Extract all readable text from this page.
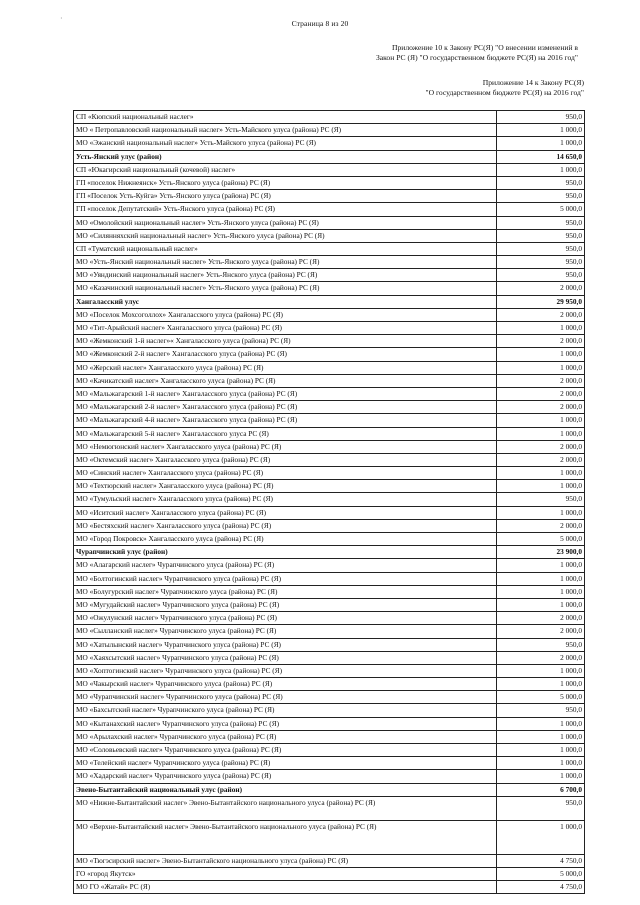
·
Страница 8 из 20
Приложение 10 к Закону РС(Я) "О внесении изменений в
Закон РС (Я) "О государственном бюджете РС(Я) на 2016 год"
Приложение 14 к Закону РС(Я)
"О государственном бюджете РС(Я) на 2016 год"
СП «Кюпский национальный наслег»	950,0
МО « Петропавловский национальный наслег» Усть-Майского улуса (района) РС (Я)	1 000,0
МО «Эжанский национальный наслег» Усть-Майского улуса (района) РС (Я)	1 000,0
Усть-Янский улус (район)	14 650,0
СП «Юкагирский национальный (кочевой) наслег»	1 000,0
ГП «поселок Нижнеянск» Усть-Янского улуса (района) РС (Я)	950,0
ГП «Поселок Усть-Куйга» Усть-Янского улуса (района) РС (Я)	950,0
ГП «поселок Депутатский» Усть-Янского улуса (района) РС (Я)	5 000,0
МО «Омолойский национальный наслег» Усть-Янского улуса (района) РС (Я)	950,0
МО «Силянняхский национальный наслег» Усть-Янского улуса (района) РС (Я)	950,0
СП «Туматский национальный наслег»	950,0
МО «Усть-Янский национальный наслег» Усть-Янского улуса (района) РС (Я)	950,0
МО «Уяндинский национальный наслег» Усть-Янского улуса (района) РС (Я)	950,0
МО «Казачинский национальный наслег» Усть-Янского улуса (района) РС (Я)	2 000,0
Хангаласский улус	29 950,0
МО «Поселок Мохсоголлох» Хангаласского улуса (района) РС (Я)	2 000,0
МО «Тит-Арыйский наслег» Хангаласского улуса (района) РС (Я)	1 000,0
МО «Жемконский 1-й наслег»« Хангаласского улуса (района) РС (Я)	2 000,0
МО «Жемконский 2-й наслег» Хангаласского улуса (района) РС (Я)	1 000,0
МО «Жерский наслег» Хангаласского улуса (района) РС (Я)	1 000,0
МО «Качикатский наслег» Хангаласского улуса (района) РС (Я)	2 000,0
МО «Мальжагарский 1-й наслег» Хангаласского улуса (района) РС (Я)	2 000,0
МО «Мальжагарский 2-й наслег» Хангаласского улуса (района) РС (Я)	2 000,0
МО «Мальжагарский 4-й наслег» Хангаласского улуса (района) РС (Я)	1 000,0
МО «Мальжагарский 5-й наслег» Хангаласского улуса РС (Я)	1 000,0
МО «Немюгюнский наслег» Хангаласского улуса (района) РС (Я)	2 000,0
МО «Октемский наслег» Хангаласского улуса (района) РС (Я)	2 000,0
МО «Синский наслег» Хангаласского улуса (района) РС (Я)	1 000,0
МО «Техтюрский наслег» Хангаласского улуса (района) РС (Я)	1 000,0
МО «Тумульский наслег» Хангаласского улуса (района) РС (Я)	950,0
МО «Иситский наслег» Хангаласского улуса (района) РС (Я)	1 000,0
МО «Бестяхский наслег» Хангаласского улуса (района) РС (Я)	2 000,0
МО «Город Покровск» Хангаласского улуса (района) РС (Я)	5 000,0
Чурапчинский улус (район)	23 900,0
МО «Алагарский наслег» Чурапчинского улуса (района) РС (Я)	1 000,0
МО «Болтогинский наслег» Чурапчинского улуса (района) РС (Я)	1 000,0
МО «Болугурский наслег» Чурапчинского улуса (района) РС (Я)	1 000,0
МО «Мугудайский наслег» Чурапчинского улуса (района) РС (Я)	1 000,0
МО «Ожулунский наслег» Чурапчинского улуса (района) РС (Я)	2 000,0
МО «Сылланский наслег» Чурапчинского улуса (района) РС (Я)	2 000,0
МО «Хатылынский наслег» Чурапчинского улуса (района) РС (Я)	950,0
МО «Хаяхсытский наслег» Чурапчинского улуса (района) РС (Я)	2 000,0
МО «Хоптогинский наслег» Чурапчинского улуса (района) РС (Я)	1 000,0
МО «Чакырский наслег» Чурапчинского улуса (района) РС (Я)	1 000,0
МО «Чурапчинский наслег» Чурапчинского улуса (района) РС (Я)	5 000,0
МО «Бахсытский наслег» Чурапчинского улуса (района) РС (Я)	950,0
МО «Кытанахский наслег» Чурапчинского улуса (района) РС (Я)	1 000,0
МО «Арылахский наслег» Чурапчинского улуса (района) РС (Я)	1 000,0
МО «Соловьевский наслег» Чурапчинского улуса (района) РС (Я)	1 000,0
МО «Телейский наслег» Чурапчинского улуса (района) РС (Я)	1 000,0
МО «Хадарский наслег» Чурапчинского улуса (района) РС (Я)	1 000,0
Эвено-Бытантайский национальный улус (район)	6 700,0
МО «Нижне-Бытантайский наслег» Эвено-Бытантайского национального улуса (района) РС (Я)	950,0
МО «Верхне-Бытантайский наслег» Эвено-Бытантайского национального улуса (района) РС (Я)	1 000,0
МО «Тюгэсирский наслег» Эвено-Бытантайского национального улуса (района) РС (Я)	4 750,0
ГО «город Якутск»	5 000,0
МО ГО «Жатай» РС (Я)	4 750,0
